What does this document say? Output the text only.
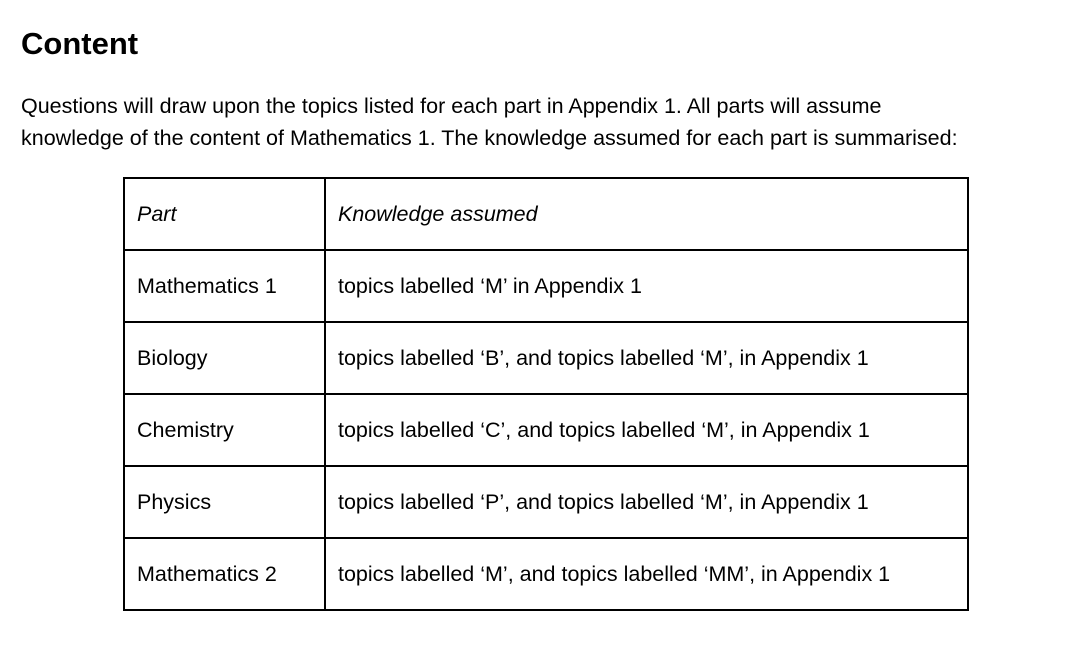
Content

Questions will draw upon the topics listed for each part in Appendix 1. All parts will assume
knowledge of the content of Mathematics 1. The knowledge assumed for each part is summarised:

Part	Knowledge assumed
Mathematics 1	topics labelled ‘M’ in Appendix 1
Biology	topics labelled ‘B’, and topics labelled ‘M’, in Appendix 1
Chemistry	topics labelled ‘C’, and topics labelled ‘M’, in Appendix 1
Physics	topics labelled ‘P’, and topics labelled ‘M’, in Appendix 1
Mathematics 2	topics labelled ‘M’, and topics labelled ‘MM’, in Appendix 1
